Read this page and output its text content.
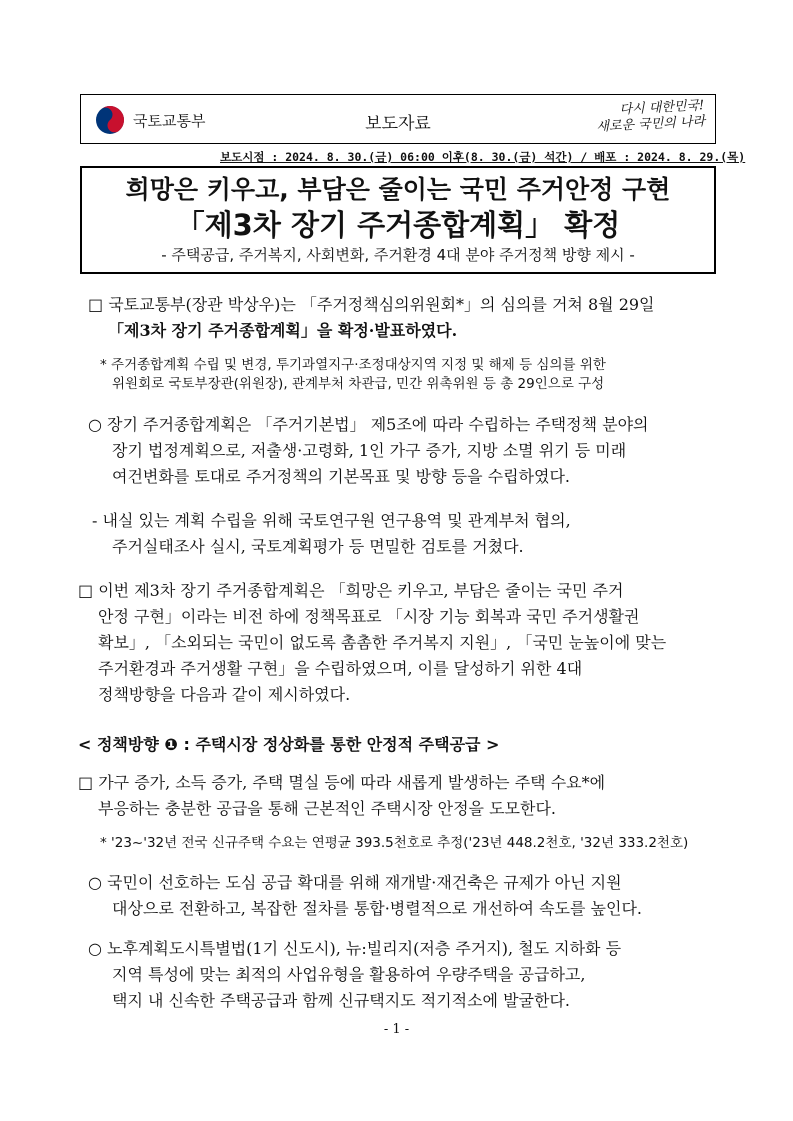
국토교통부	보도자료
다시 대한민국!
새로운 국민의 나라
보도시점 : 2024. 8. 30.(금) 06:00 이후(8. 30.(금) 석간) / 배포 : 2024. 8. 29.(목)
희망은 키우고, 부담은 줄이는 국민 주거안정 구현
「제3차 장기 주거종합계획」 확정
- 주택공급, 주거복지, 사회변화, 주거환경 4대 분야 주거정책 방향 제시 -
□ 국토교통부(장관 박상우)는 「주거정책심의위원회*」의 심의를 거쳐 8월 29일
「제3차 장기 주거종합계획」을 확정·발표하였다.
* 주거종합계획 수립 및 변경, 투기과열지구·조정대상지역 지정 및 해제 등 심의를 위한
위원회로 국토부장관(위원장), 관계부처 차관급, 민간 위촉위원 등 총 29인으로 구성
○ 장기 주거종합계획은 「주거기본법」 제5조에 따라 수립하는 주택정책 분야의
장기 법정계획으로, 저출생·고령화, 1인 가구 증가, 지방 소멸 위기 등 미래
여건변화를 토대로 주거정책의 기본목표 및 방향 등을 수립하였다.
- 내실 있는 계획 수립을 위해 국토연구원 연구용역 및 관계부처 협의,
주거실태조사 실시, 국토계획평가 등 면밀한 검토를 거쳤다.
□ 이번 제3차 장기 주거종합계획은 「희망은 키우고, 부담은 줄이는 국민 주거
안정 구현」이라는 비전 하에 정책목표로 「시장 기능 회복과 국민 주거생활권
확보」, 「소외되는 국민이 없도록 촘촘한 주거복지 지원」, 「국민 눈높이에 맞는
주거환경과 주거생활 구현」을 수립하였으며, 이를 달성하기 위한 4대
정책방향을 다음과 같이 제시하였다.
< 정책방향 ❶ : 주택시장 정상화를 통한 안정적 주택공급 >
□ 가구 증가, 소득 증가, 주택 멸실 등에 따라 새롭게 발생하는 주택 수요*에
부응하는 충분한 공급을 통해 근본적인 주택시장 안정을 도모한다.
* '23~'32년 전국 신규주택 수요는 연평균 393.5천호로 추정('23년 448.2천호, '32년 333.2천호)
○ 국민이 선호하는 도심 공급 확대를 위해 재개발·재건축은 규제가 아닌 지원
대상으로 전환하고, 복잡한 절차를 통합·병렬적으로 개선하여 속도를 높인다.
○ 노후계획도시특별법(1기 신도시), 뉴:빌리지(저층 주거지), 철도 지하화 등
지역 특성에 맞는 최적의 사업유형을 활용하여 우량주택을 공급하고,
택지 내 신속한 주택공급과 함께 신규택지도 적기적소에 발굴한다.
- 1 -
